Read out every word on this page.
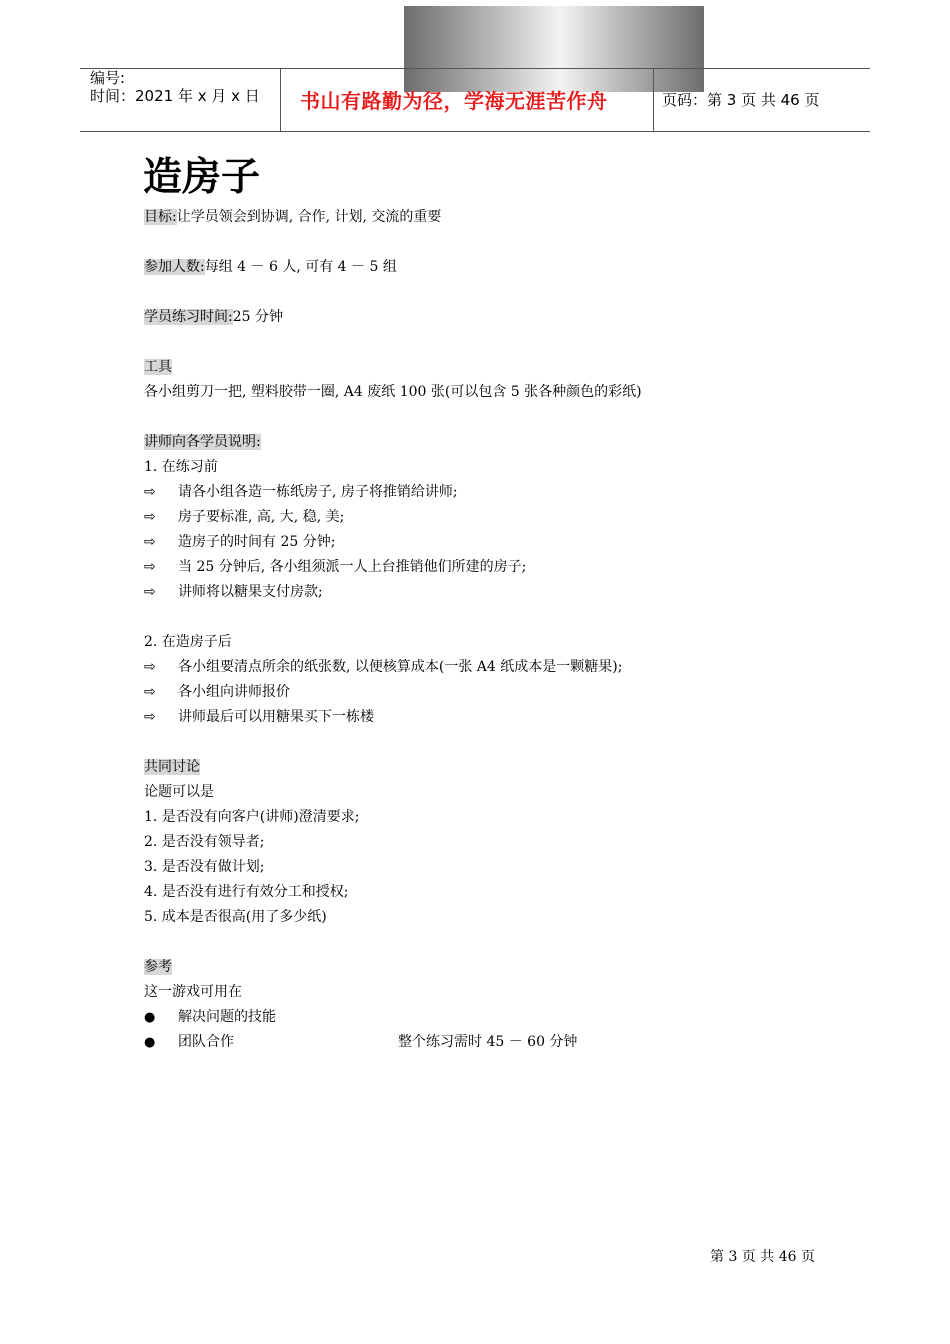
编号:
时间：2021 年 x 月 x 日 书山有路勤为径，学海无涯苦作舟	页码：第 3 页 共 46 页
造房子
目标:让学员领会到协调, 合作, 计划, 交流的重要
参加人数:每组 4 － 6 人, 可有 4 － 5 组
学员练习时间:25 分钟
工具
各小组剪刀一把, 塑料胶带一圈, A4 废纸 100 张(可以包含 5 张各种颜色的彩纸)
讲师向各学员说明:
1. 在练习前
⇨ 请各小组各造一栋纸房子, 房子将推销给讲师;
⇨ 房子要标准, 高, 大, 稳, 美;
⇨ 造房子的时间有 25 分钟;
⇨ 当 25 分钟后, 各小组须派一人上台推销他们所建的房子;
⇨ 讲师将以糖果支付房款;
2. 在造房子后
⇨ 各小组要清点所余的纸张数, 以便核算成本(一张 A4 纸成本是一颗糖果);
⇨ 各小组向讲师报价
⇨ 讲师最后可以用糖果买下一栋楼
共同讨论
论题可以是
1. 是否没有向客户(讲师)澄清要求;
2. 是否没有领导者;
3. 是否没有做计划;
4. 是否没有进行有效分工和授权;
5. 成本是否很高(用了多少纸)
参考
这一游戏可用在
● 解决问题的技能
● 团队合作	整个练习需时 45 － 60 分钟
第 3 页 共 46 页
